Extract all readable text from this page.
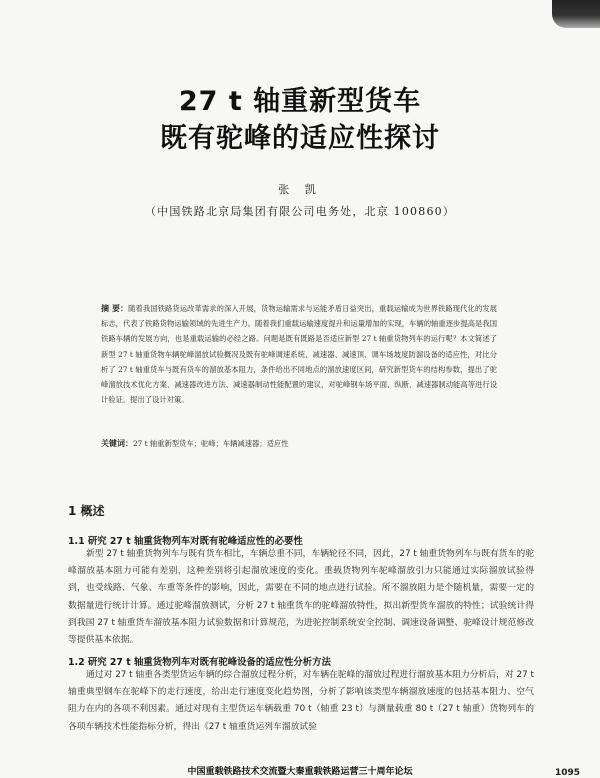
27 t 轴重新型货车
既有驼峰的适应性探讨
张 凯
（中国铁路北京局集团有限公司电务处，北京 100860）
摘 要：随着我国铁路货运改革需求的深入开展，货物运输需求与运能矛盾日益突出，重载运输成为世界铁路现代化的发展标志，代表了铁路货物运输领域的先进生产力。随着我们重载运输速度提升和运量增加的实现，车辆的轴重逐步提高是我国铁路车辆的发展方向，也是重载运输的必经之路。问题是既有既路是否适应新型 27 t 轴重货物列车的运行呢？本文简述了新型 27 t 轴重货物车辆驼峰溜放试验概况及既有驼峰调速系统、减速器、减速顶、调车场坡度防溜设备的适应性，对比分析了 27 t 轴重货车与既有货车的溜放基本阻力，条件给出不同地点的溜放速度区间，研究新型货车的结构参数，提出了驼峰溜放技术优化方案、减速器改进方法、减速器制动性能配置的建议，对驼峰钢车场平面、纵断、减速器制动能高等进行设计验证，提出了设计对策。
关键词：27 t 轴重新型货车；驼峰；车辆减速器；适应性
1 概述
1.1 研究 27 t 轴重货物列车对既有驼峰适应性的必要性

新型 27 t 轴重货物列车与既有货车相比，车辆总重不同，车辆轮径不同，因此，27 t 轴重货物列车与既有货车的驼峰溜放基本阻力可能有差别，这种差别将引起溜放速度的变化。重载货物列车驼峰溜放引力只能通过实际溜放试验得到，也受线路、气象、车重等条件的影响，因此，需要在不同的地点进行试验。所不溜放阻力是个随机量，需要一定的数据量进行统计计算。通过驼峰溜放测试，分析 27 t 轴重货车的驼峰溜放特性，拟出新型货车溜放的特性；试验统计得到我国 27 t 轴重货车溜放基本阻力试验数据和计算规范，为进驼控制系统安全控制、调速设备调整、驼峰设计规范修改等提供基本依据。

1.2 研究 27 t 轴重货物列车对既有驼峰设备的适应性分析方法

通过对 27 t 轴重各类型货运车辆的综合溜放过程分析，对车辆在驼峰的溜放过程进行溜放基本阻力分析后，对 27 t 轴重典型钢车在驼峰下的走行速度，给出走行速度变化趋势图，分析了影响该类型车辆溜放速度的包括基本阻力、空气阻力在内的各项不利因素。通过对现有主型货运车辆载重 70 t（轴重 23 t）与测量载重 80 t（27 t 轴重）货物列车的各项车辆技术性能指标分析，得出《27 t 轴重货运列车溜放试验

中国重载铁路技术交流暨大秦重载铁路运营三十周年论坛	1095
